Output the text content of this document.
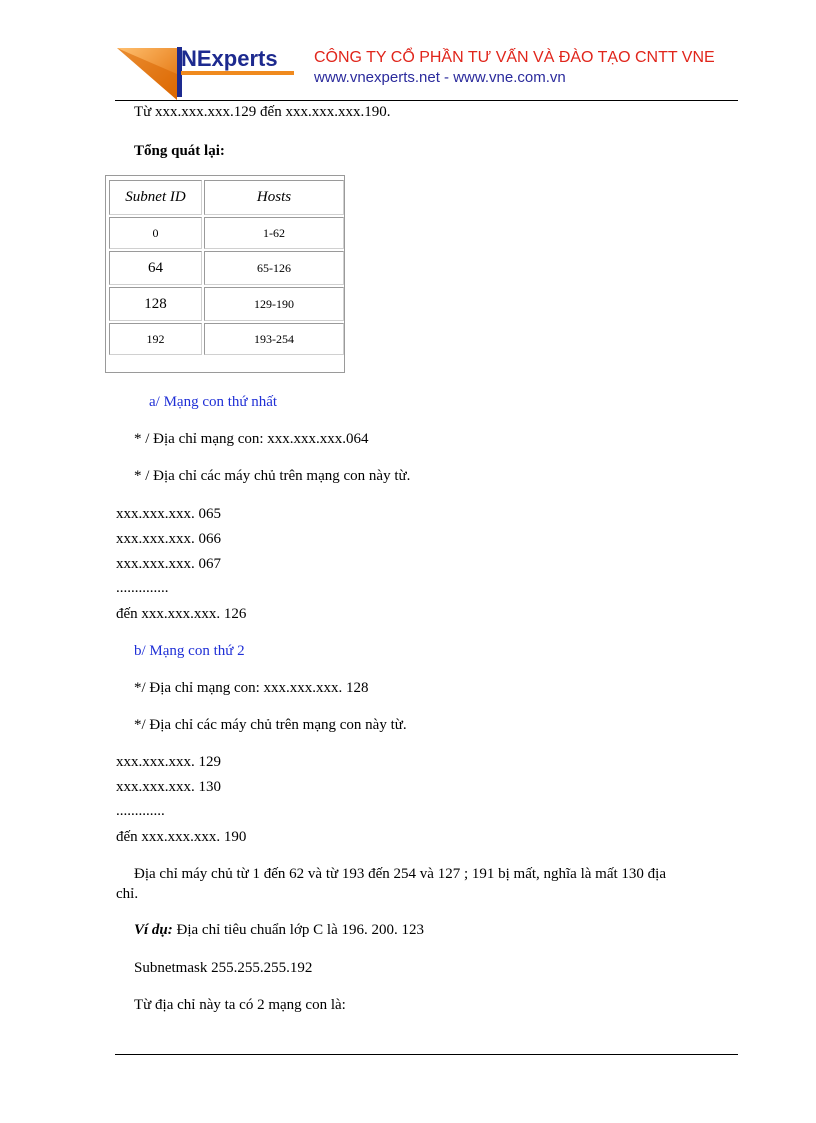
NExperts CÔNG TY CỔ PHẦN TƯ VẤN VÀ ĐÀO TẠO CNTT VNE
www.vnexperts.net - www.vne.com.vn
Từ xxx.xxx.xxx.129 đến xxx.xxx.xxx.190.
Tổng quát lại:
Subnet ID	Hosts
0	1-62
64	65-126
128	129-190
192	193-254
a/ Mạng con thứ nhất
* / Địa chỉ mạng con: xxx.xxx.xxx.064
* / Địa chỉ các máy chủ trên mạng con này từ.
xxx.xxx.xxx. 065
xxx.xxx.xxx. 066
xxx.xxx.xxx. 067
..............
đến xxx.xxx.xxx. 126
b/ Mạng con thứ 2
*/ Địa chỉ mạng con: xxx.xxx.xxx. 128
*/ Địa chỉ các máy chủ trên mạng con này từ.
xxx.xxx.xxx. 129
xxx.xxx.xxx. 130
.............
đến xxx.xxx.xxx. 190
Địa chỉ máy chủ từ 1 đến 62 và từ 193 đến 254 và 127 ; 191 bị mất, nghĩa là mất 130 địa
chỉ.
Ví dụ: Địa chỉ tiêu chuẩn lớp C là 196. 200. 123
Subnetmask 255.255.255.192
Từ địa chỉ này ta có 2 mạng con là:
